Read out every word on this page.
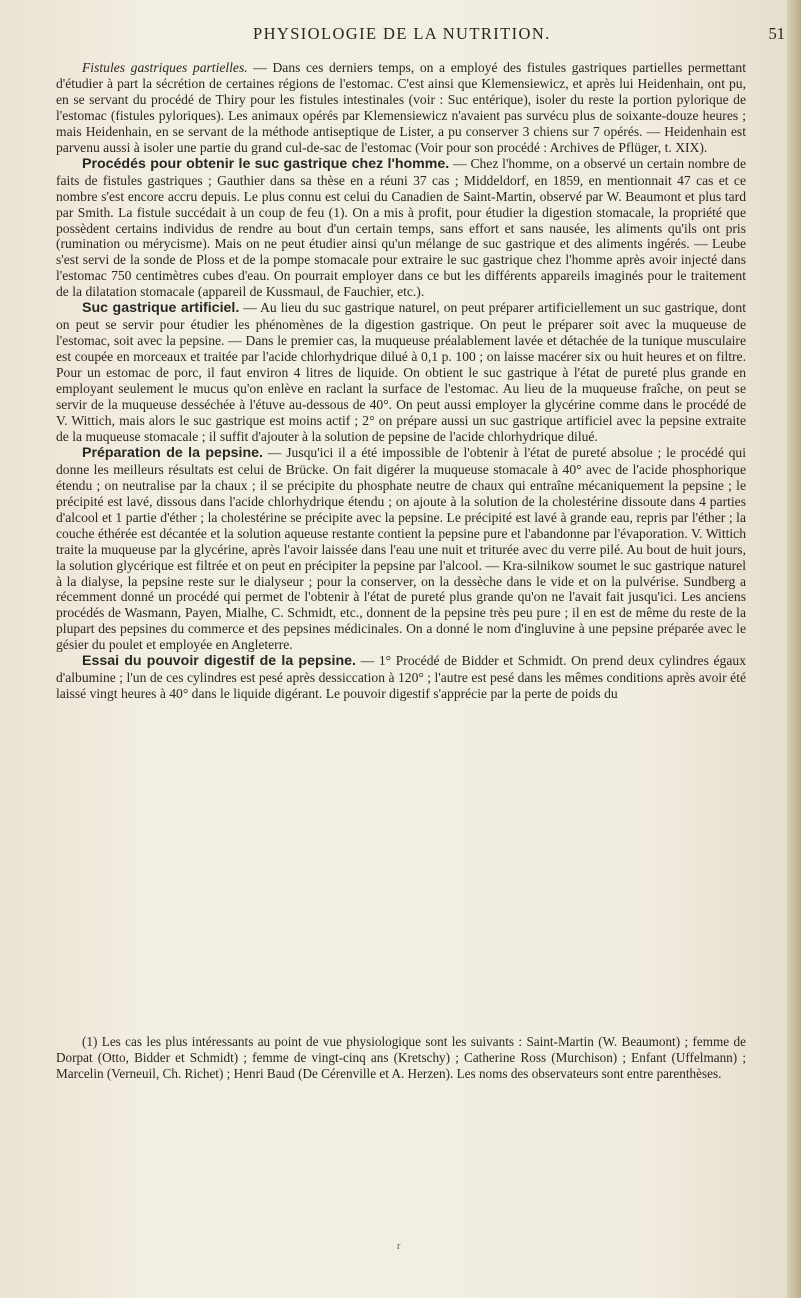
PHYSIOLOGIE DE LA NUTRITION.	51

Fistules gastriques partielles. — Dans ces derniers temps, on a employé des fistules gastriques partielles permettant d'étudier à part la sécrétion de certaines régions de l'estomac. C'est ainsi que Klemensiewicz, et après lui Heidenhain, ont pu, en se servant du procédé de Thiry pour les fistules intestinales (voir : Suc entérique), isoler du reste la portion pylorique de l'estomac (fistules pyloriques). Les animaux opérés par Klemensiewicz n'avaient pas survécu plus de soixante-douze heures ; mais Heidenhain, en se servant de la méthode antiseptique de Lister, a pu conserver 3 chiens sur 7 opérés. — Heidenhain est parvenu aussi à isoler une partie du grand cul-de-sac de l'estomac (Voir pour son procédé : Archives de Pflüger, t. XIX).

Procédés pour obtenir le suc gastrique chez l'homme. — Chez l'homme, on a observé un certain nombre de faits de fistules gastriques ; Gauthier dans sa thèse en a réuni 37 cas ; Middeldorf, en 1859, en mentionnait 47 cas et ce nombre s'est encore accru depuis. Le plus connu est celui du Canadien de Saint-Martin, observé par W. Beaumont et plus tard par Smith. La fistule succédait à un coup de feu (1). On a mis à profit, pour étudier la digestion stomacale, la propriété que possèdent certains individus de rendre au bout d'un certain temps, sans effort et sans nausée, les aliments qu'ils ont pris (rumination ou mérycisme). Mais on ne peut étudier ainsi qu'un mélange de suc gastrique et des aliments ingérés. — Leube s'est servi de la sonde de Ploss et de la pompe stomacale pour extraire le suc gastrique chez l'homme après avoir injecté dans l'estomac 750 centimètres cubes d'eau. On pourrait employer dans ce but les différents appareils imaginés pour le traitement de la dilatation stomacale (appareil de Kussmaul, de Fauchier, etc.).

Suc gastrique artificiel. — Au lieu du suc gastrique naturel, on peut préparer artificiellement un suc gastrique, dont on peut se servir pour étudier les phénomènes de la digestion gastrique. On peut le préparer soit avec la muqueuse de l'estomac, soit avec la pepsine. — Dans le premier cas, la muqueuse préalablement lavée et détachée de la tunique musculaire est coupée en morceaux et traitée par l'acide chlorhydrique dilué à 0,1 p. 100 ; on laisse macérer six ou huit heures et on filtre. Pour un estomac de porc, il faut environ 4 litres de liquide. On obtient le suc gastrique à l'état de pureté plus grande en employant seulement le mucus qu'on enlève en raclant la surface de l'estomac. Au lieu de la muqueuse fraîche, on peut se servir de la muqueuse desséchée à l'étuve au-dessous de 40°. On peut aussi employer la glycérine comme dans le procédé de V. Wittich, mais alors le suc gastrique est moins actif ; 2° on prépare aussi un suc gastrique artificiel avec la pepsine extraite de la muqueuse stomacale ; il suffit d'ajouter à la solution de pepsine de l'acide chlorhydrique dilué.

Préparation de la pepsine. — Jusqu'ici il a été impossible de l'obtenir à l'état de pureté absolue ; le procédé qui donne les meilleurs résultats est celui de Brücke. On fait digérer la muqueuse stomacale à 40° avec de l'acide phosphorique étendu ; on neutralise par la chaux ; il se précipite du phosphate neutre de chaux qui entraîne mécaniquement la pepsine ; le précipité est lavé, dissous dans l'acide chlorhydrique étendu ; on ajoute à la solution de la cholestérine dissoute dans 4 parties d'alcool et 1 partie d'éther ; la cholestérine se précipite avec la pepsine. Le précipité est lavé à grande eau, repris par l'éther ; la couche éthérée est décantée et la solution aqueuse restante contient la pepsine pure et l'abandonne par l'évaporation. V. Wittich traite la muqueuse par la glycérine, après l'avoir laissée dans l'eau une nuit et triturée avec du verre pilé. Au bout de huit jours, la solution glycérique est filtrée et on peut en précipiter la pepsine par l'alcool. — Kra-silnikow soumet le suc gastrique naturel à la dialyse, la pepsine reste sur le dialyseur ; pour la conserver, on la dessèche dans le vide et on la pulvérise. Sundberg a récemment donné un procédé qui permet de l'obtenir à l'état de pureté plus grande qu'on ne l'avait fait jusqu'ici. Les anciens procédés de Wasmann, Payen, Mialhe, C. Schmidt, etc., donnent de la pepsine très peu pure ; il en est de même du reste de la plupart des pepsines du commerce et des pepsines médicinales. On a donné le nom d'ingluvine à une pepsine préparée avec le gésier du poulet et employée en Angleterre.

Essai du pouvoir digestif de la pepsine. — 1° Procédé de Bidder et Schmidt. On prend deux cylindres égaux d'albumine ; l'un de ces cylindres est pesé après dessiccation à 120° ; l'autre est pesé dans les mêmes conditions après avoir été laissé vingt heures à 40° dans le liquide digérant. Le pouvoir digestif s'apprécie par la perte de poids du

(1) Les cas les plus intéressants au point de vue physiologique sont les suivants : Saint-Martin (W. Beaumont) ; femme de Dorpat (Otto, Bidder et Schmidt) ; femme de vingt-cinq ans (Kretschy) ; Catherine Ross (Murchison) ; Enfant (Uffelmann) ; Marcelin (Verneuil, Ch. Richet) ; Henri Baud (De Cérenville et A. Herzen). Les noms des observateurs sont entre parenthèses.

r
